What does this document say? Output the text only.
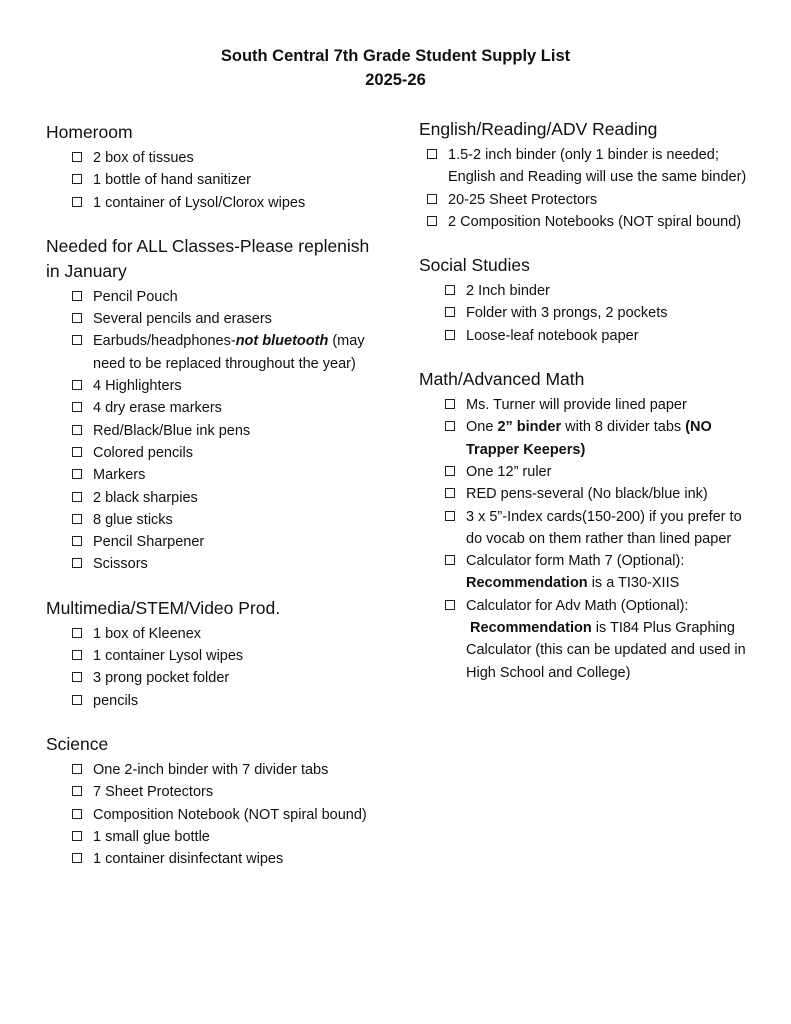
South Central 7th Grade Student Supply List
2025-26
Homeroom
2 box of tissues
1 bottle of hand sanitizer
1 container of Lysol/Clorox wipes
Needed for ALL Classes-Please replenish in January
Pencil Pouch
Several pencils and erasers
Earbuds/headphones-not bluetooth (may need to be replaced throughout the year)
4 Highlighters
4 dry erase markers
Red/Black/Blue ink pens
Colored pencils
Markers
2 black sharpies
8 glue sticks
Pencil Sharpener
Scissors
Multimedia/STEM/Video Prod.
1 box of Kleenex
1 container Lysol wipes
3 prong pocket folder
pencils
Science
One 2-inch binder with 7 divider tabs
7 Sheet Protectors
Composition Notebook (NOT spiral bound)
1 small glue bottle
1 container disinfectant wipes
English/Reading/ADV Reading
1.5-2 inch binder (only 1 binder is needed; English and Reading will use the same binder)
20-25 Sheet Protectors
2 Composition Notebooks (NOT spiral bound)
Social Studies
2 Inch binder
Folder with 3 prongs, 2 pockets
Loose-leaf notebook paper
Math/Advanced Math
Ms. Turner will provide lined paper
One 2” binder with 8 divider tabs (NO Trapper Keepers)
One 12” ruler
RED pens-several (No black/blue ink)
3 x 5”-Index cards(150-200) if you prefer to do vocab on them rather than lined paper
Calculator form Math 7 (Optional):
Recommendation is a TI30-XIIS
Calculator for Adv Math (Optional):
Recommendation is TI84 Plus Graphing Calculator (this can be updated and used in High School and College)
